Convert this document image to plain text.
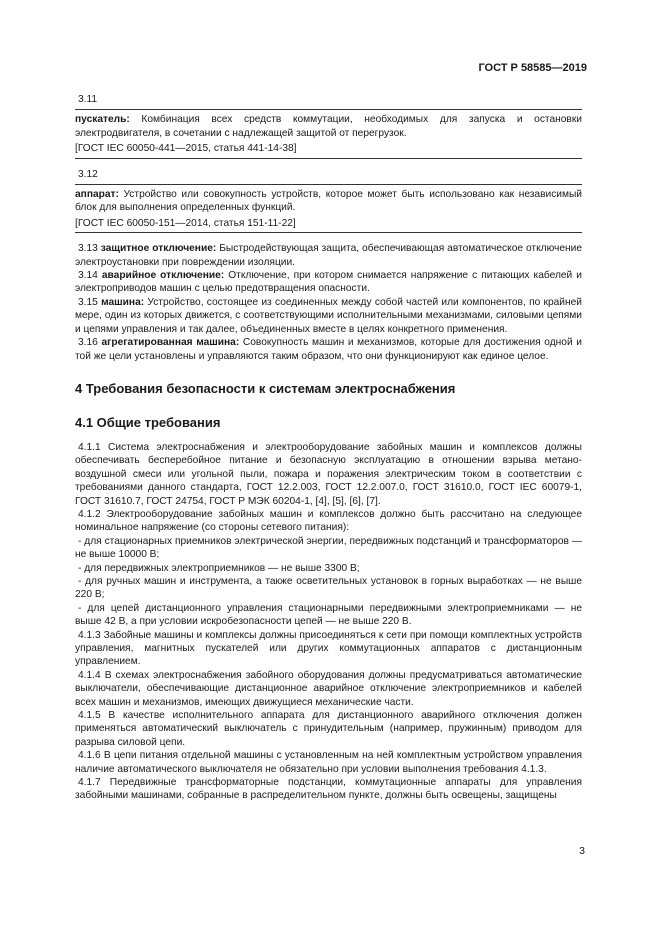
ГОСТ Р 58585—2019

3.11

пускатель: Комбинация всех средств коммутации, необходимых для запуска и остановки электродвигателя, в сочетании с надлежащей защитой от перегрузок.

[ГОСТ IEC 60050-441—2015, статья 441-14-38]

3.12

аппарат: Устройство или совокупность устройств, которое может быть использовано как независимый блок для выполнения определенных функций.

[ГОСТ IEC 60050-151—2014, статья 151-11-22]

3.13 защитное отключение: Быстродействующая защита, обеспечивающая автоматическое отключение электроустановки при повреждении изоляции.

3.14 аварийное отключение: Отключение, при котором снимается напряжение с питающих кабелей и электроприводов машин с целью предотвращения опасности.

3.15 машина: Устройство, состоящее из соединенных между собой частей или компонентов, по крайней мере, один из которых движется, с соответствующими исполнительными механизмами, силовыми цепями и цепями управления и так далее, объединенных вместе в целях конкретного применения.

3.16 агрегатированная машина: Совокупность машин и механизмов, которые для достижения одной и той же цели установлены и управляются таким образом, что они функционируют как единое целое.

4 Требования безопасности к системам электроснабжения
4.1 Общие требования

4.1.1 Система электроснабжения и электрооборудование забойных машин и комплексов должны обеспечивать бесперебойное питание и безопасную эксплуатацию в отношении взрыва метано-воздушной смеси или угольной пыли, пожара и поражения электрическим током в соответствии с требованиями данного стандарта, ГОСТ 12.2.003, ГОСТ 12.2.007.0, ГОСТ 31610.0, ГОСТ IEC 60079-1, ГОСТ 31610.7, ГОСТ 24754, ГОСТ Р МЭК 60204-1, [4], [5], [6], [7].

4.1.2 Электрооборудование забойных машин и комплексов должно быть рассчитано на следующее номинальное напряжение (со стороны сетевого питания):

- для стационарных приемников электрической энергии, передвижных подстанций и трансформаторов — не выше 10000 В;

- для передвижных электроприемников — не выше 3300 В;

- для ручных машин и инструмента, а также осветительных установок в горных выработках — не выше 220 В;

- для цепей дистанционного управления стационарными передвижными электроприемниками — не выше 42 В, а при условии искробезопасности цепей — не выше 220 В.

4.1.3 Забойные машины и комплексы должны присоединяться к сети при помощи комплектных устройств управления, магнитных пускателей или других коммутационных аппаратов с дистанционным управлением.

4.1.4 В схемах электроснабжения забойного оборудования должны предусматриваться автоматические выключатели, обеспечивающие дистанционное аварийное отключение электроприемников и кабелей всех машин и механизмов, имеющих движущиеся механические части.

4.1.5 В качестве исполнительного аппарата для дистанционного аварийного отключения должен применяться автоматический выключатель с принудительным (например, пружинным) приводом для разрыва силовой цепи.

4.1.6 В цепи питания отдельной машины с установленным на ней комплектным устройством управления наличие автоматического выключателя не обязательно при условии выполнения требования 4.1.3.

4.1.7 Передвижные трансформаторные подстанции, коммутационные аппараты для управления забойными машинами, собранные в распределительном пункте, должны быть освещены, защищены

3
